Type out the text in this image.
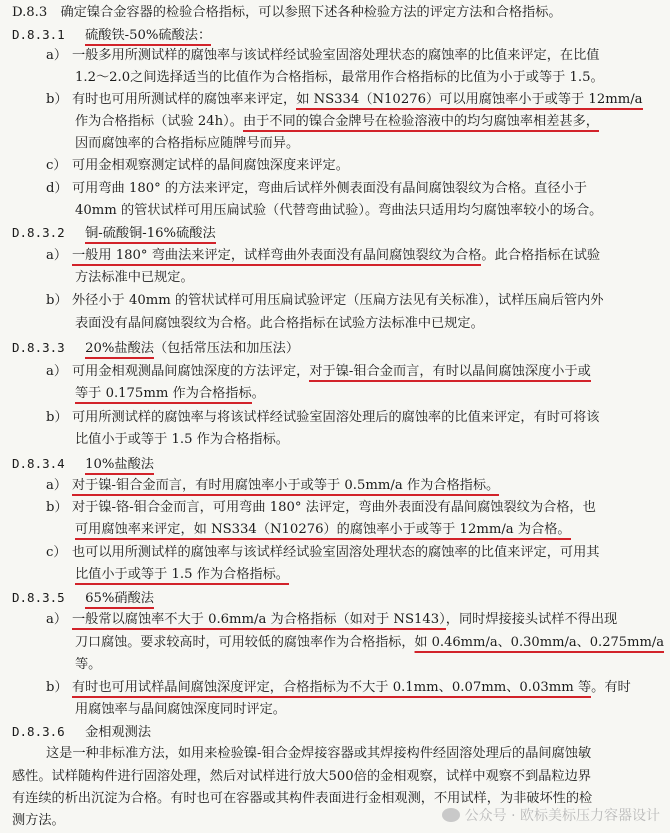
D.8.3　确定镍合金容器的检验合格指标，可以参照下述各种检验方法的评定方法和合格指标。
D.8.3.1 硫酸铁-50%硫酸法：
a） 一般多用所测试样的腐蚀率与该试样经试验室固溶处理状态的腐蚀率的比值来评定，在比值
1.2～2.0之间选择适当的比值作为合格指标，最常用作合格指标的比值为小于或等于 1.5。
b） 有时也可用所测试样的腐蚀率来评定，如 NS334（N10276）可以用腐蚀率小于或等于 12mm/a
作为合格指标（试验 24h）。由于不同的镍合金牌号在检验溶液中的均匀腐蚀率相差甚多，
因而腐蚀率的合格指标应随牌号而异。
c） 可用金相观察测定试样的晶间腐蚀深度来评定。
d） 可用弯曲 180° 的方法来评定，弯曲后试样外侧表面没有晶间腐蚀裂纹为合格。直径小于
40mm 的管状试样可用压扁试验（代替弯曲试验）。弯曲法只适用均匀腐蚀率较小的场合。
D.8.3.2 铜-硫酸铜-16%硫酸法
a） 一般用 180° 弯曲法来评定，试样弯曲外表面没有晶间腐蚀裂纹为合格。此合格指标在试验
方法标准中已规定。
b） 外径小于 40mm 的管状试样可用压扁试验评定（压扁方法见有关标准），试样压扁后管内外
表面没有晶间腐蚀裂纹为合格。此合格指标在试验方法标准中已规定。
D.8.3.3 20%盐酸法（包括常压法和加压法）
a） 可用金相观测晶间腐蚀深度的方法评定，对于镍-钼合金而言，有时以晶间腐蚀深度小于或
等于 0.175mm 作为合格指标。
b） 可用所测试样的腐蚀率与将该试样经试验室固溶处理后的腐蚀率的比值来评定，有时可将该
比值小于或等于 1.5 作为合格指标。
D.8.3.4 10%盐酸法
a） 对于镍-钼合金而言，有时用腐蚀率小于或等于 0.5mm/a 作为合格指标。
b） 对于镍-铬-钼合金而言，可用弯曲 180° 法评定，弯曲外表面没有晶间腐蚀裂纹为合格，也
可用腐蚀率来评定，如 NS334（N10276）的腐蚀率小于或等于 12mm/a 为合格。
c） 也可以用所测试样的腐蚀率与该试样经试验室固溶处理状态的腐蚀率的比值来评定，可用其
比值小于或等于 1.5 作为合格指标。
D.8.3.5 65%硝酸法
a） 一般常以腐蚀率不大于 0.6mm/a 为合格指标（如对于 NS143），同时焊接接头试样不得出现
刀口腐蚀。要求较高时，可用较低的腐蚀率作为合格指标，如 0.46mm/a、0.30mm/a、0.275mm/a
等。
b） 有时也可用试样晶间腐蚀深度评定，合格指标为不大于 0.1mm、0.07mm、0.03mm 等。有时
用腐蚀率与晶间腐蚀深度同时评定。
D.8.3.6 金相观测法
这是一种非标准方法，如用来检验镍-钼合金焊接容器或其焊接构件经固溶处理后的晶间腐蚀敏
感性。试样随构件进行固溶处理，然后对试样进行放大500倍的金相观察，试样中观察不到晶粒边界
有连续的析出沉淀为合格。有时也可在容器或其构件表面进行金相观测，不用试样，为非破坏性的检
测方法。	公众号 · 欧标美标压力容器设计
